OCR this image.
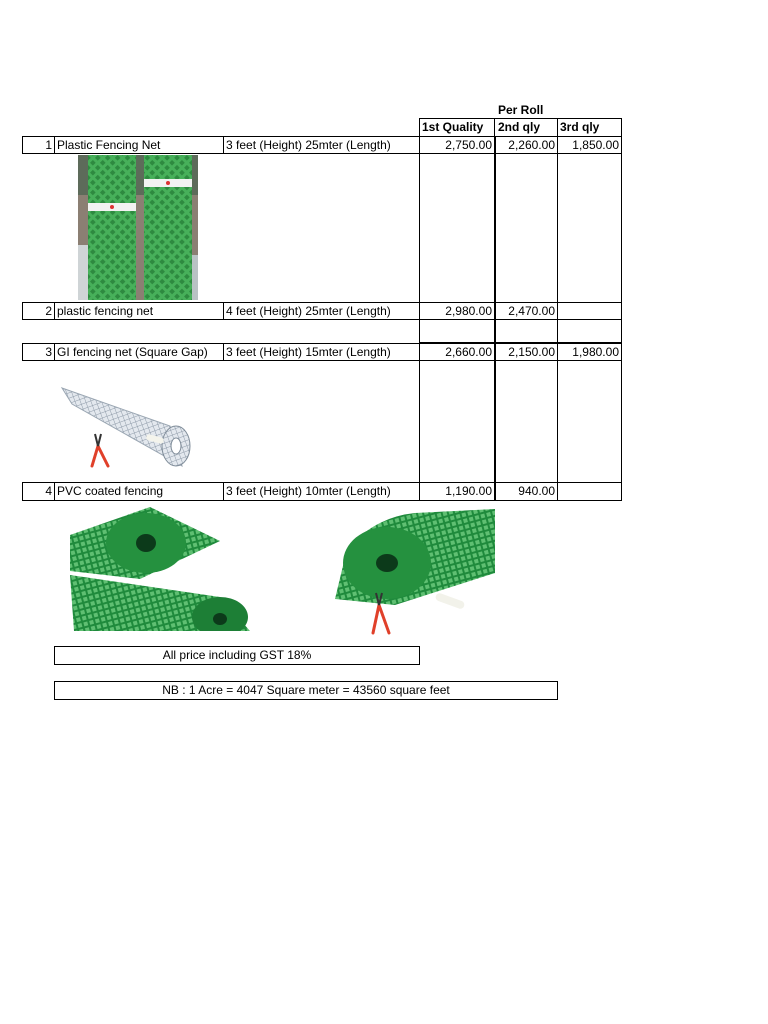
Per Roll
1st Quality 2nd qly 3rd qly
1 Plastic Fencing Net	3 feet (Height) 25mter (Length)	2,750.00	2,260.00	1,850.00
2 plastic fencing net	4 feet (Height) 25mter (Length)	2,980.00	2,470.00
3 GI fencing net (Square Gap) 3 feet (Height) 15mter (Length)	2,660.00	2,150.00	1,980.00
4 PVC coated fencing	3 feet (Height) 10mter (Length)	1,190.00	940.00
All price including GST 18%
NB : 1 Acre = 4047 Square meter = 43560 square feet
